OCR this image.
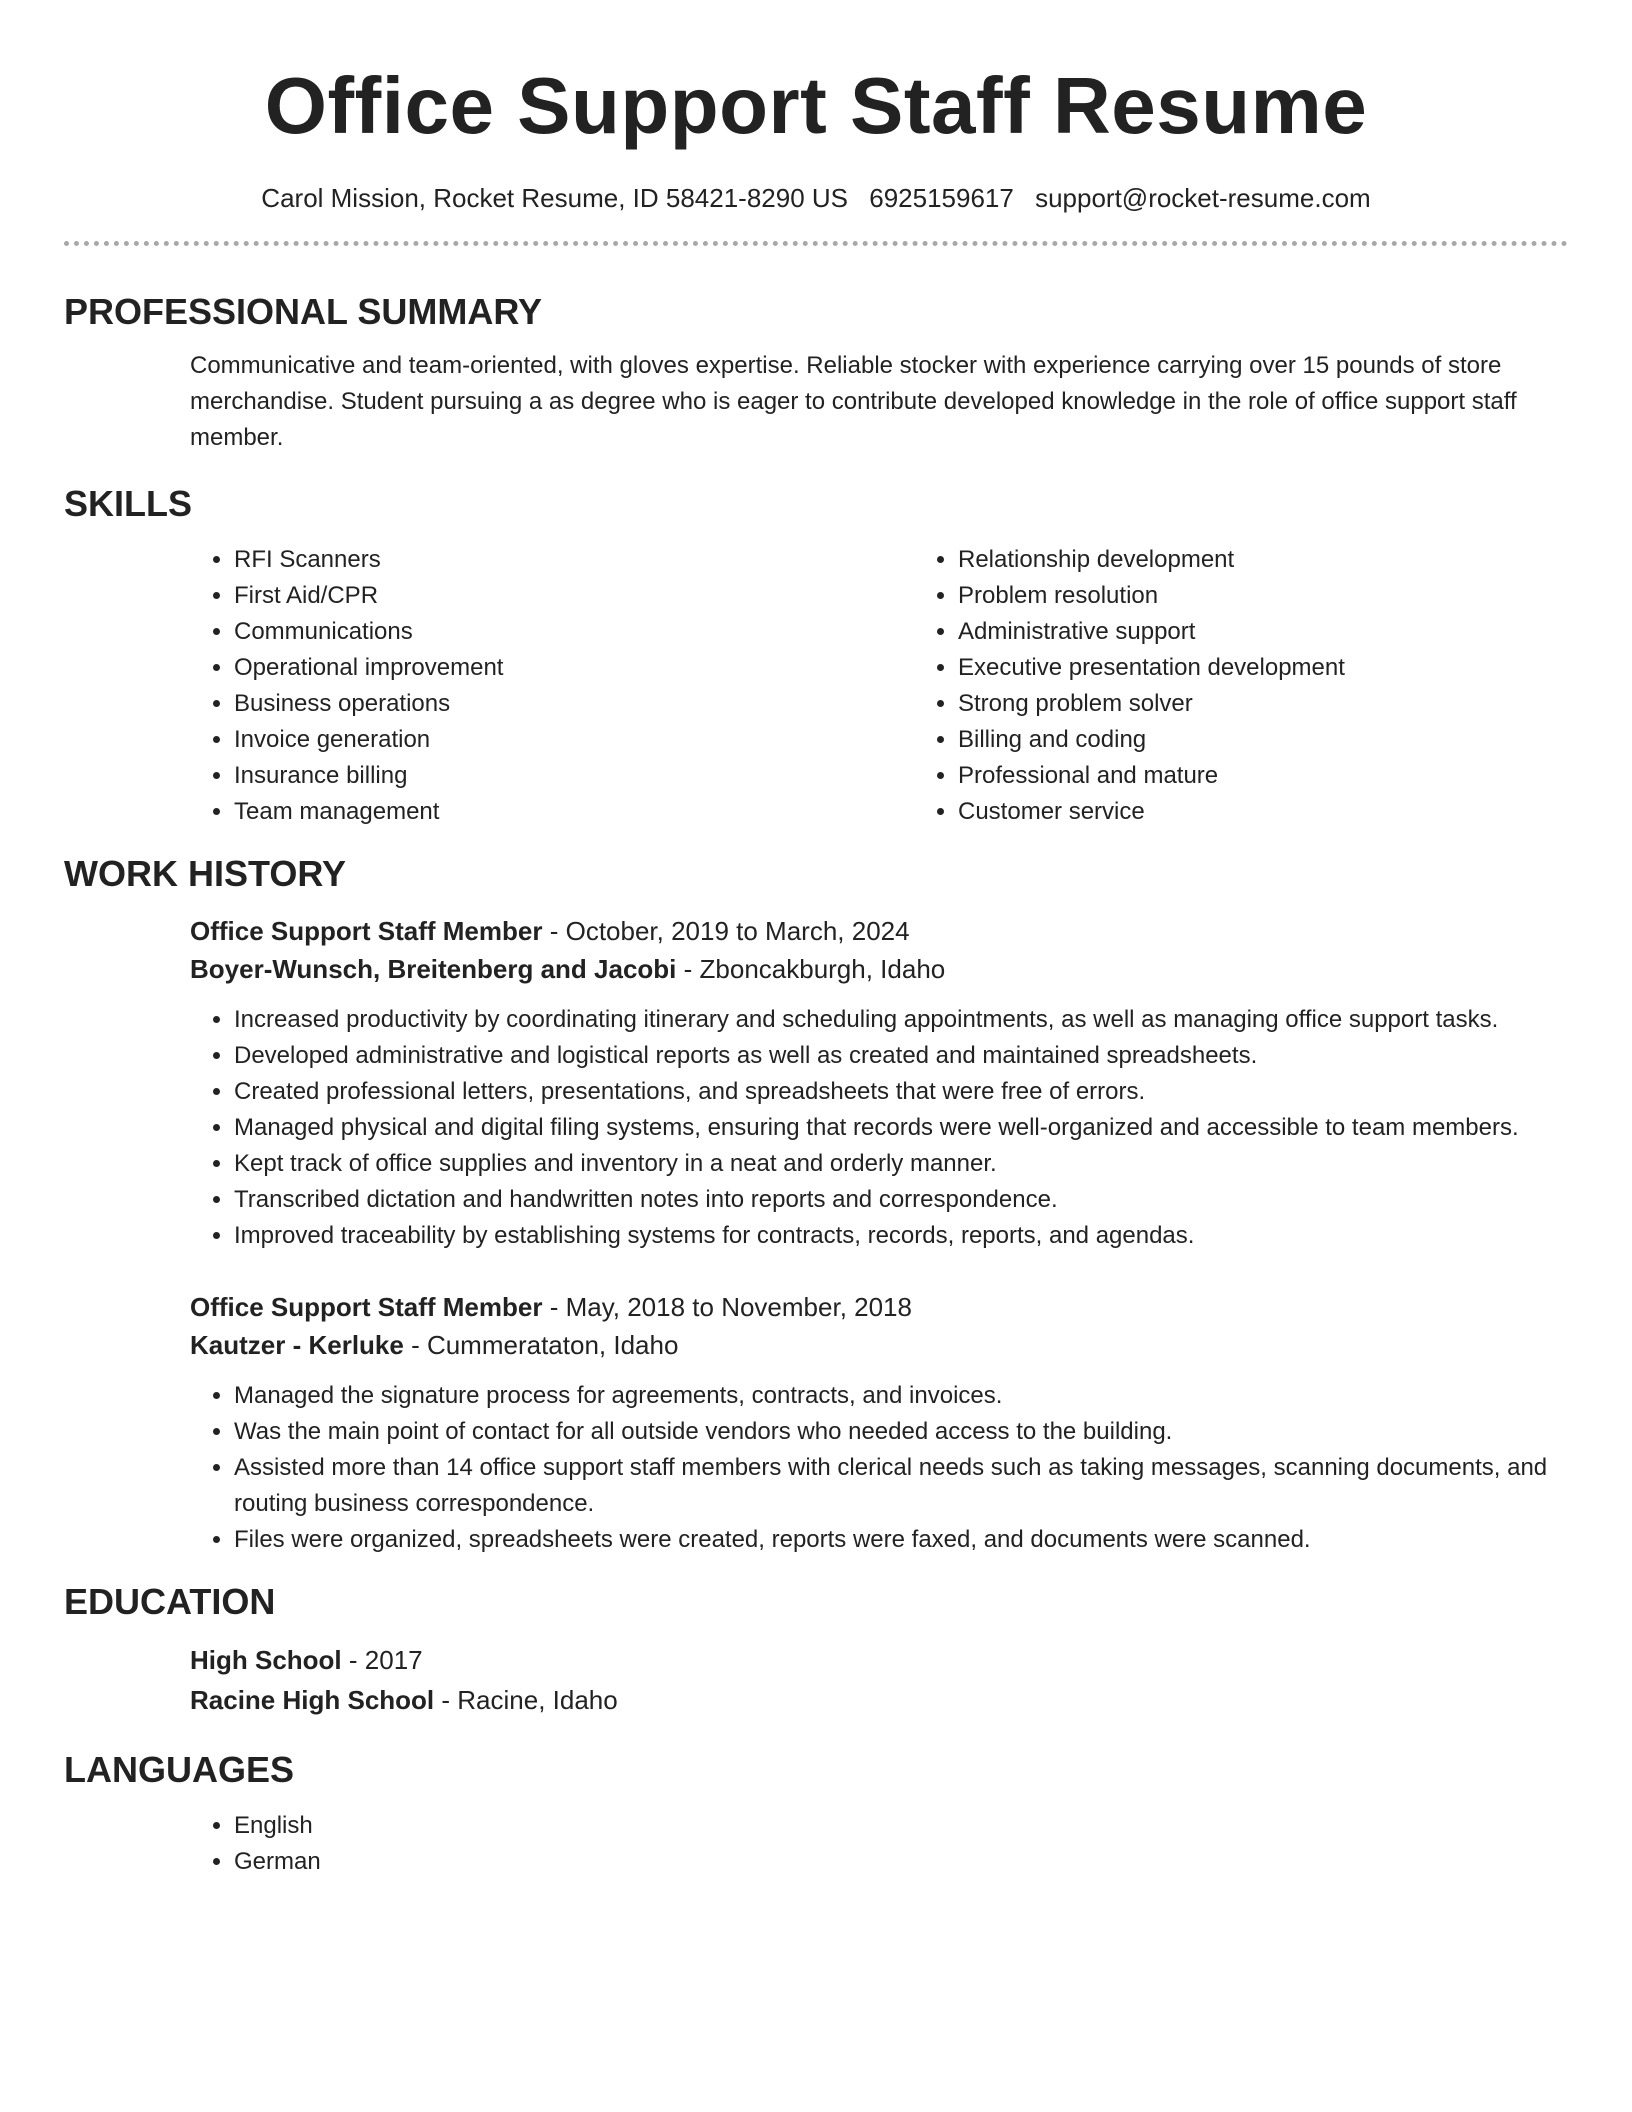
Office Support Staff Resume
Carol Mission, Rocket Resume, ID 58421-8290 US 6925159617 support@rocket-resume.com
PROFESSIONAL SUMMARY

Communicative and team-oriented, with gloves expertise. Reliable stocker with experience carrying over 15 pounds of store merchandise. Student pursuing a as degree who is eager to contribute developed knowledge in the role of office support staff member.

SKILLS
• RFI Scanners
• First Aid/CPR
• Communications
• Operational improvement
• Business operations
• Invoice generation
• Insurance billing
• Team management
• Relationship development
• Problem resolution
• Administrative support
• Executive presentation development
• Strong problem solver
• Billing and coding
• Professional and mature
• Customer service
WORK HISTORY
Office Support Staff Member - October, 2019 to March, 2024
Boyer-Wunsch, Breitenberg and Jacobi - Zboncakburgh, Idaho
• Increased productivity by coordinating itinerary and scheduling appointments, as well as managing office support tasks.
• Developed administrative and logistical reports as well as created and maintained spreadsheets.
• Created professional letters, presentations, and spreadsheets that were free of errors.
• Managed physical and digital filing systems, ensuring that records were well-organized and accessible to team members.
• Kept track of office supplies and inventory in a neat and orderly manner.
• Transcribed dictation and handwritten notes into reports and correspondence.
• Improved traceability by establishing systems for contracts, records, reports, and agendas.
Office Support Staff Member - May, 2018 to November, 2018
Kautzer - Kerluke - Cummerataton, Idaho
• Managed the signature process for agreements, contracts, and invoices.
• Was the main point of contact for all outside vendors who needed access to the building.
• Assisted more than 14 office support staff members with clerical needs such as taking messages, scanning documents, and routing business correspondence.
• Files were organized, spreadsheets were created, reports were faxed, and documents were scanned.
EDUCATION
High School - 2017
Racine High School - Racine, Idaho
LANGUAGES
• English
• German
